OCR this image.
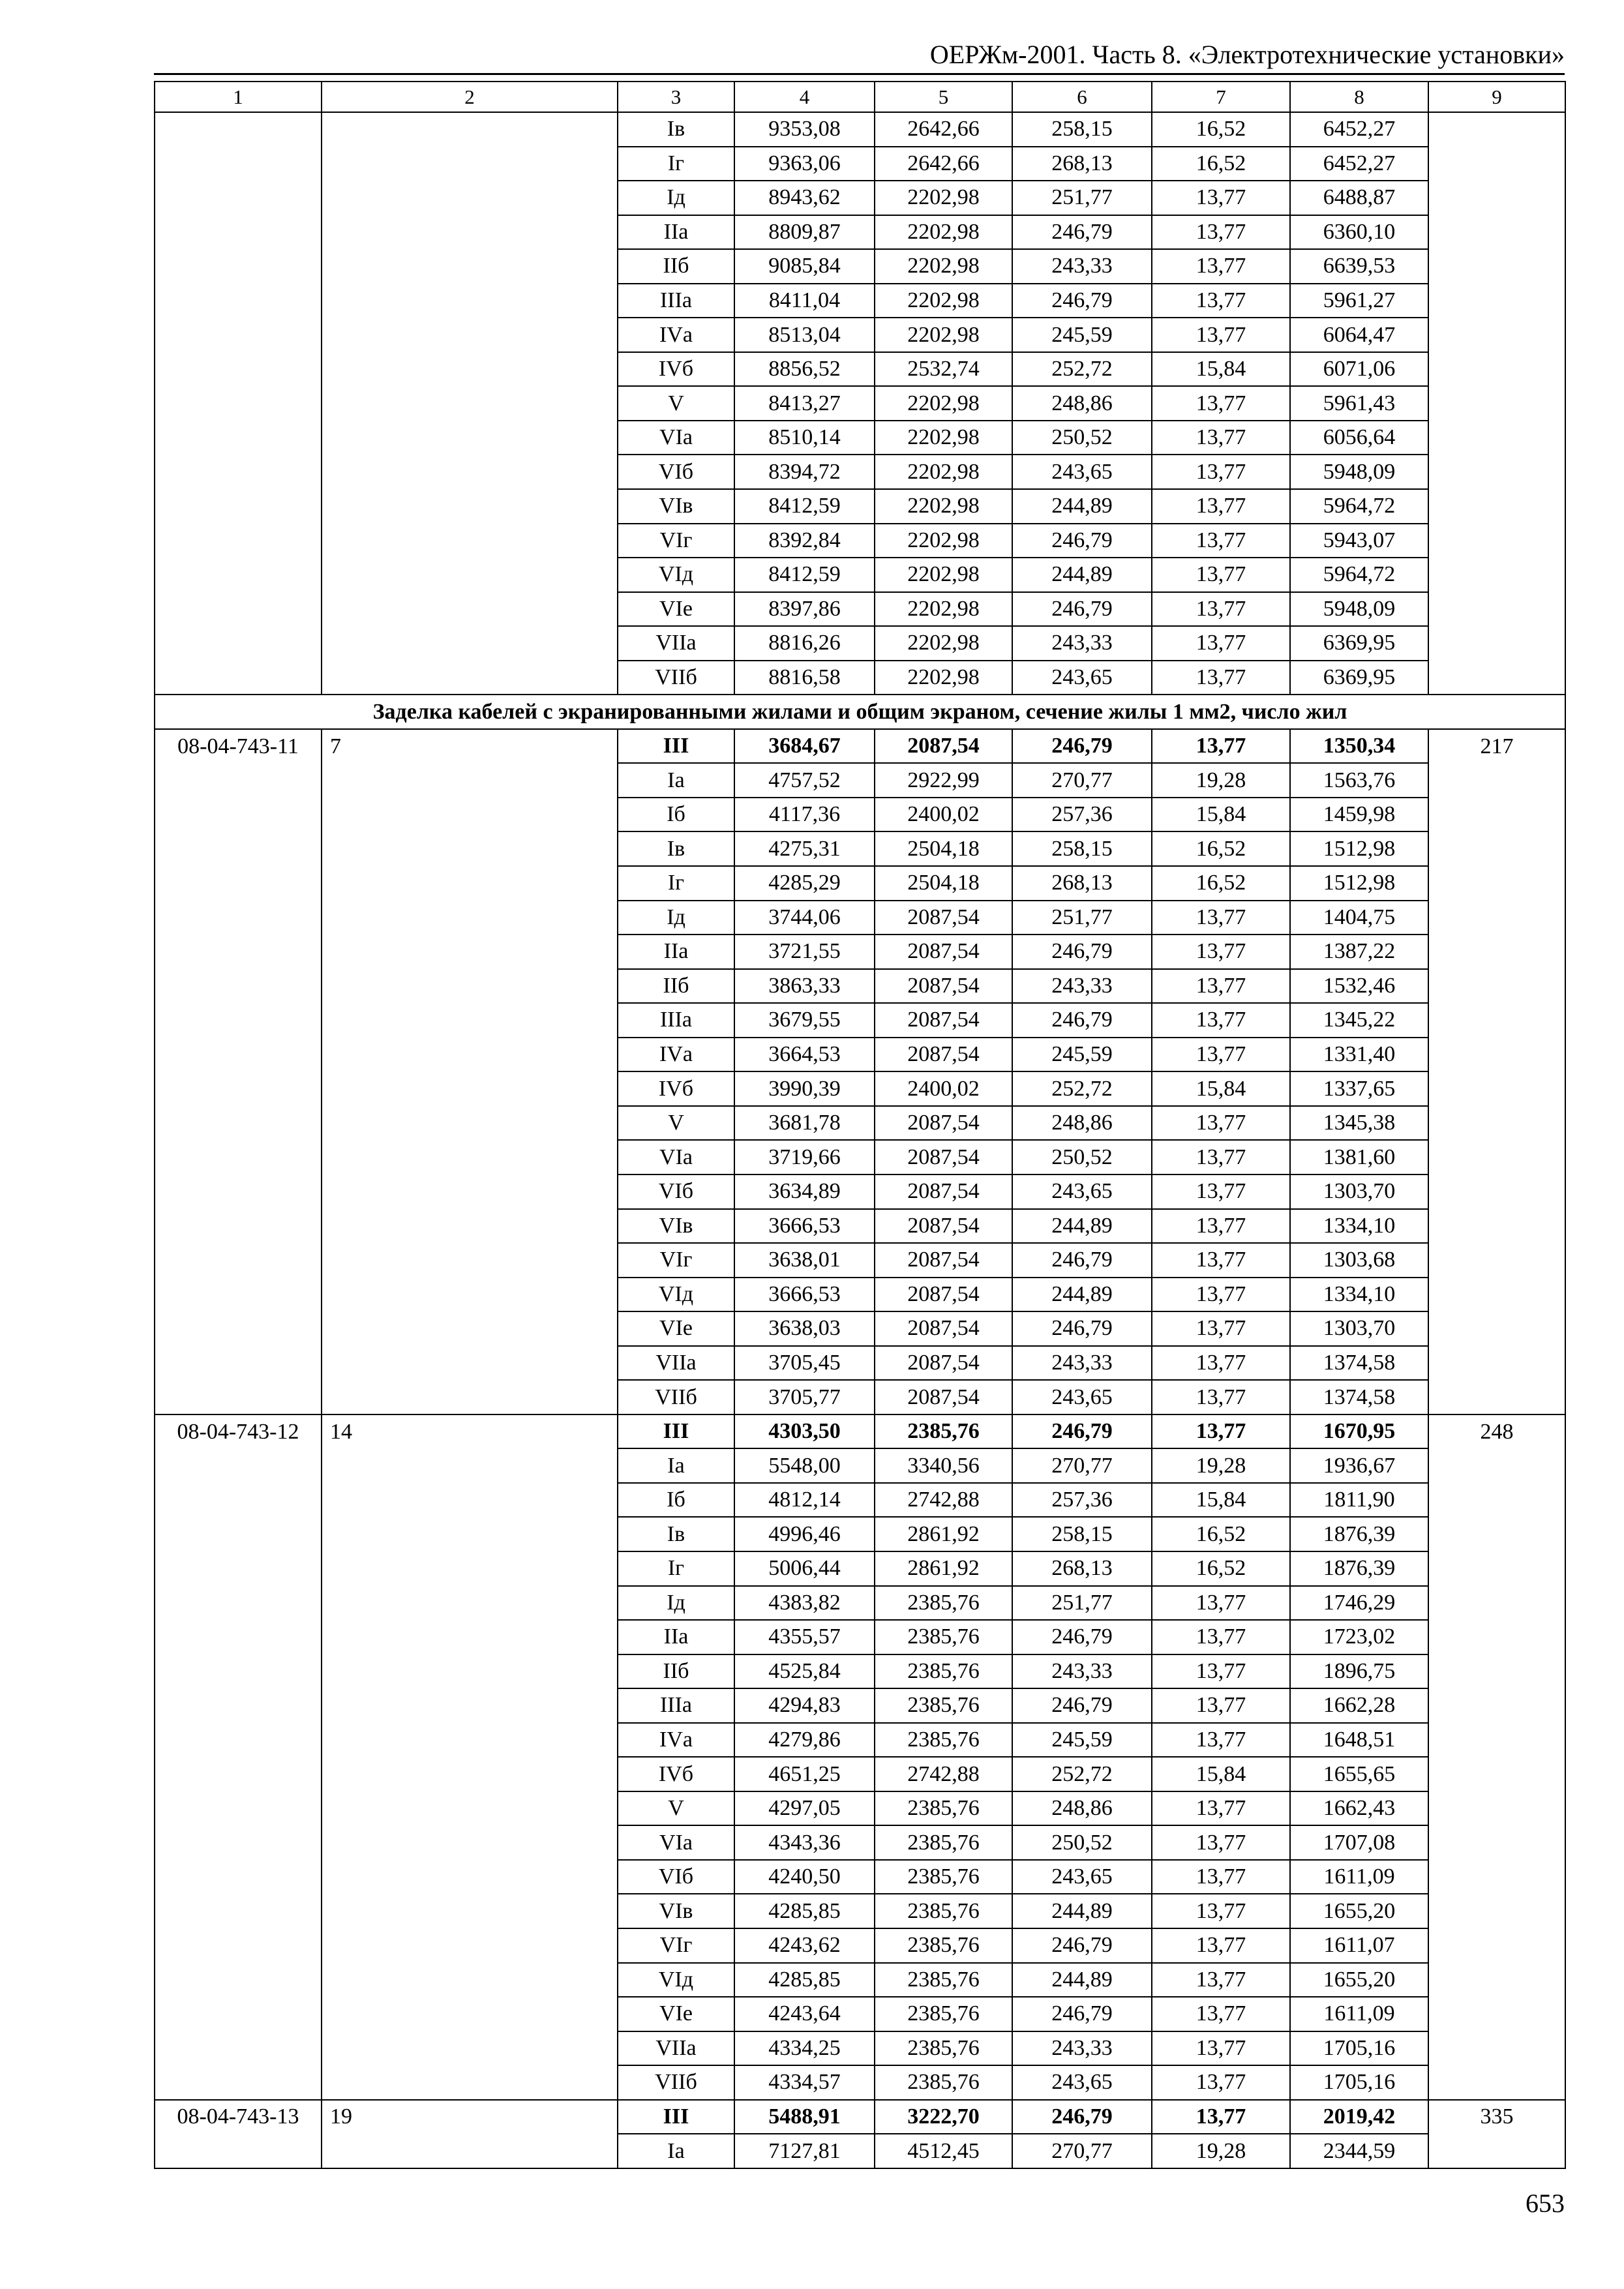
ОЕРЖм-2001. Часть 8. «Электротехнические установки»
1	2	3	4	5	6	7	8	9
		Iв	9353,08	2642,66	258,15	16,52	6452,27	
		Iг	9363,06	2642,66	268,13	16,52	6452,27	
		Iд	8943,62	2202,98	251,77	13,77	6488,87	
		IIа	8809,87	2202,98	246,79	13,77	6360,10	
		IIб	9085,84	2202,98	243,33	13,77	6639,53	
		IIIа	8411,04	2202,98	246,79	13,77	5961,27	
		IVа	8513,04	2202,98	245,59	13,77	6064,47	
		IVб	8856,52	2532,74	252,72	15,84	6071,06	
		V	8413,27	2202,98	248,86	13,77	5961,43	
		VIа	8510,14	2202,98	250,52	13,77	6056,64	
		VIб	8394,72	2202,98	243,65	13,77	5948,09	
		VIв	8412,59	2202,98	244,89	13,77	5964,72	
		VIг	8392,84	2202,98	246,79	13,77	5943,07	
		VIд	8412,59	2202,98	244,89	13,77	5964,72	
		VIе	8397,86	2202,98	246,79	13,77	5948,09	
		VIIа	8816,26	2202,98	243,33	13,77	6369,95	
		VIIб	8816,58	2202,98	243,65	13,77	6369,95	
Заделка кабелей с экранированными жилами и общим экраном, сечение жилы 1 мм2, число жил								
08-04-743-11	7	III	3684,67	2087,54	246,79	13,77	1350,34	217
		Iа	4757,52	2922,99	270,77	19,28	1563,76	
		Iб	4117,36	2400,02	257,36	15,84	1459,98	
		Iв	4275,31	2504,18	258,15	16,52	1512,98	
		Iг	4285,29	2504,18	268,13	16,52	1512,98	
		Iд	3744,06	2087,54	251,77	13,77	1404,75	
		IIа	3721,55	2087,54	246,79	13,77	1387,22	
		IIб	3863,33	2087,54	243,33	13,77	1532,46	
		IIIа	3679,55	2087,54	246,79	13,77	1345,22	
		IVа	3664,53	2087,54	245,59	13,77	1331,40	
		IVб	3990,39	2400,02	252,72	15,84	1337,65	
		V	3681,78	2087,54	248,86	13,77	1345,38	
		VIа	3719,66	2087,54	250,52	13,77	1381,60	
		VIб	3634,89	2087,54	243,65	13,77	1303,70	
		VIв	3666,53	2087,54	244,89	13,77	1334,10	
		VIг	3638,01	2087,54	246,79	13,77	1303,68	
		VIд	3666,53	2087,54	244,89	13,77	1334,10	
		VIе	3638,03	2087,54	246,79	13,77	1303,70	
		VIIа	3705,45	2087,54	243,33	13,77	1374,58	
		VIIб	3705,77	2087,54	243,65	13,77	1374,58	
08-04-743-12	14	III	4303,50	2385,76	246,79	13,77	1670,95	248
		Iа	5548,00	3340,56	270,77	19,28	1936,67	
		Iб	4812,14	2742,88	257,36	15,84	1811,90	
		Iв	4996,46	2861,92	258,15	16,52	1876,39	
		Iг	5006,44	2861,92	268,13	16,52	1876,39	
		Iд	4383,82	2385,76	251,77	13,77	1746,29	
		IIа	4355,57	2385,76	246,79	13,77	1723,02	
		IIб	4525,84	2385,76	243,33	13,77	1896,75	
		IIIа	4294,83	2385,76	246,79	13,77	1662,28	
		IVа	4279,86	2385,76	245,59	13,77	1648,51	
		IVб	4651,25	2742,88	252,72	15,84	1655,65	
		V	4297,05	2385,76	248,86	13,77	1662,43	
		VIа	4343,36	2385,76	250,52	13,77	1707,08	
		VIб	4240,50	2385,76	243,65	13,77	1611,09	
		VIв	4285,85	2385,76	244,89	13,77	1655,20	
		VIг	4243,62	2385,76	246,79	13,77	1611,07	
		VIд	4285,85	2385,76	244,89	13,77	1655,20	
		VIе	4243,64	2385,76	246,79	13,77	1611,09	
		VIIа	4334,25	2385,76	243,33	13,77	1705,16	
		VIIб	4334,57	2385,76	243,65	13,77	1705,16	
08-04-743-13	19	III	5488,91	3222,70	246,79	13,77	2019,42	335
		Iа	7127,81	4512,45	270,77	19,28	2344,59	
653
